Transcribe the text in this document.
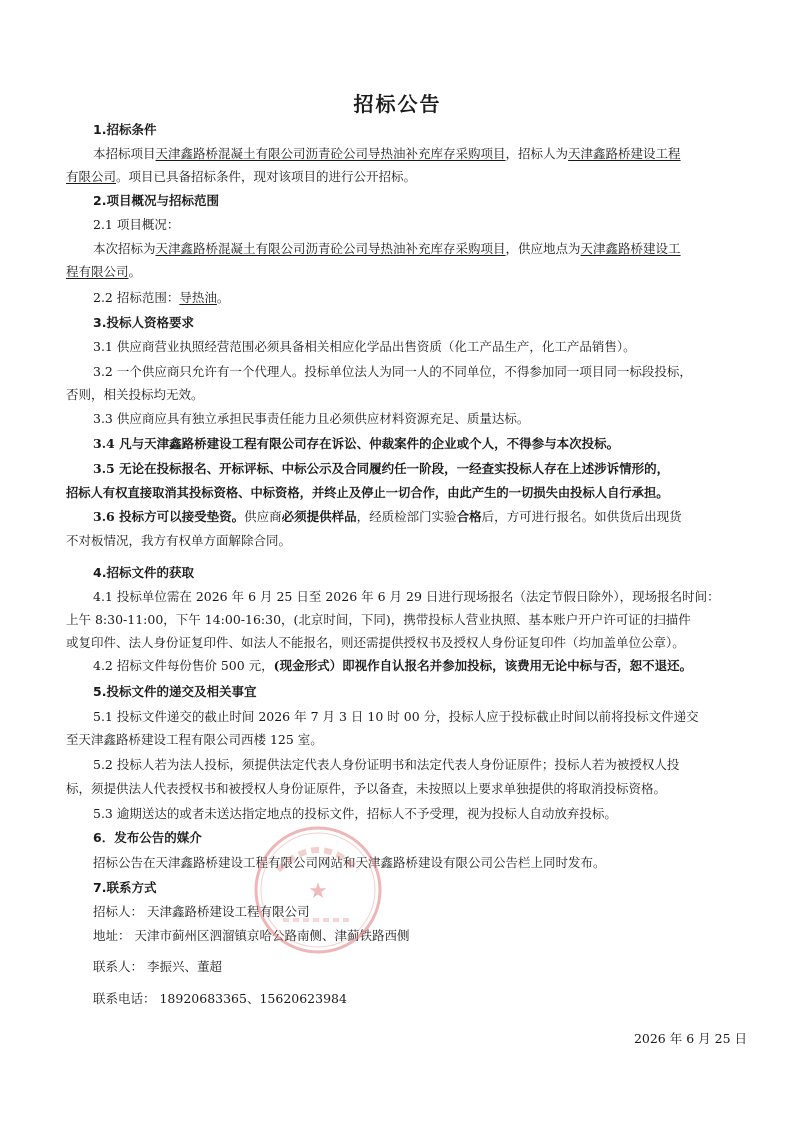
招标公告

1.招标条件

本招标项目天津鑫路桥混凝土有限公司沥青砼公司导热油补充库存采购项目，招标人为天津鑫路桥建设工程

有限公司。项目已具备招标条件，现对该项目的进行公开招标。

2.项目概况与招标范围

2.1 项目概况：

本次招标为天津鑫路桥混凝土有限公司沥青砼公司导热油补充库存采购项目，供应地点为天津鑫路桥建设工

程有限公司。

2.2 招标范围：导热油。

3.投标人资格要求

3.1 供应商营业执照经营范围必须具备相关相应化学品出售资质（化工产品生产，化工产品销售）。

3.2 一个供应商只允许有一个代理人。投标单位法人为同一人的不同单位，不得参加同一项目同一标段投标，

否则，相关投标均无效。

3.3 供应商应具有独立承担民事责任能力且必须供应材料资源充足、质量达标。

3.4 凡与天津鑫路桥建设工程有限公司存在诉讼、仲裁案件的企业或个人，不得参与本次投标。

3.5 无论在投标报名、开标评标、中标公示及合同履约任一阶段，一经查实投标人存在上述涉诉情形的，

招标人有权直接取消其投标资格、中标资格，并终止及停止一切合作，由此产生的一切损失由投标人自行承担。

3.6 投标方可以接受垫资。供应商必须提供样品，经质检部门实验合格后，方可进行报名。如供货后出现货

不对板情况，我方有权单方面解除合同。

4.招标文件的获取

4.1 投标单位需在 2026 年 6 月 25 日至 2026 年 6 月 29 日进行现场报名（法定节假日除外），现场报名时间：

上午 8:30-11:00，下午 14:00-16:30，(北京时间，下同)，携带投标人营业执照、基本账户开户许可证的扫描件

或复印件、法人身份证复印件、如法人不能报名，则还需提供授权书及授权人身份证复印件（均加盖单位公章）。

4.2 招标文件每份售价 500 元，(现金形式）即视作自认报名并参加投标，该费用无论中标与否，恕不退还。

5.投标文件的递交及相关事宜

5.1 投标文件递交的截止时间 2026 年 7 月 3 日 10 时 00 分，投标人应于投标截止时间以前将投标文件递交

至天津鑫路桥建设工程有限公司西楼 125 室。

5.2 投标人若为法人投标，须提供法定代表人身份证明书和法定代表人身份证原件；投标人若为被授权人投

标，须提供法人代表授权书和被授权人身份证原件，予以备查，未按照以上要求单独提供的将取消投标资格。

5.3 逾期送达的或者未送达指定地点的投标文件，招标人不予受理，视为投标人自动放弃投标。

6．发布公告的媒介

招标公告在天津鑫路桥建设工程有限公司网站和天津鑫路桥建设有限公司公告栏上同时发布。

7.联系方式

招标人： 天津鑫路桥建设工程有限公司

地址： 天津市蓟州区泗溜镇京哈公路南侧、津蓟铁路西侧

联系人： 李振兴、董超

联系电话： 18920683365、15620623984

★

2026 年 6 月 25 日
